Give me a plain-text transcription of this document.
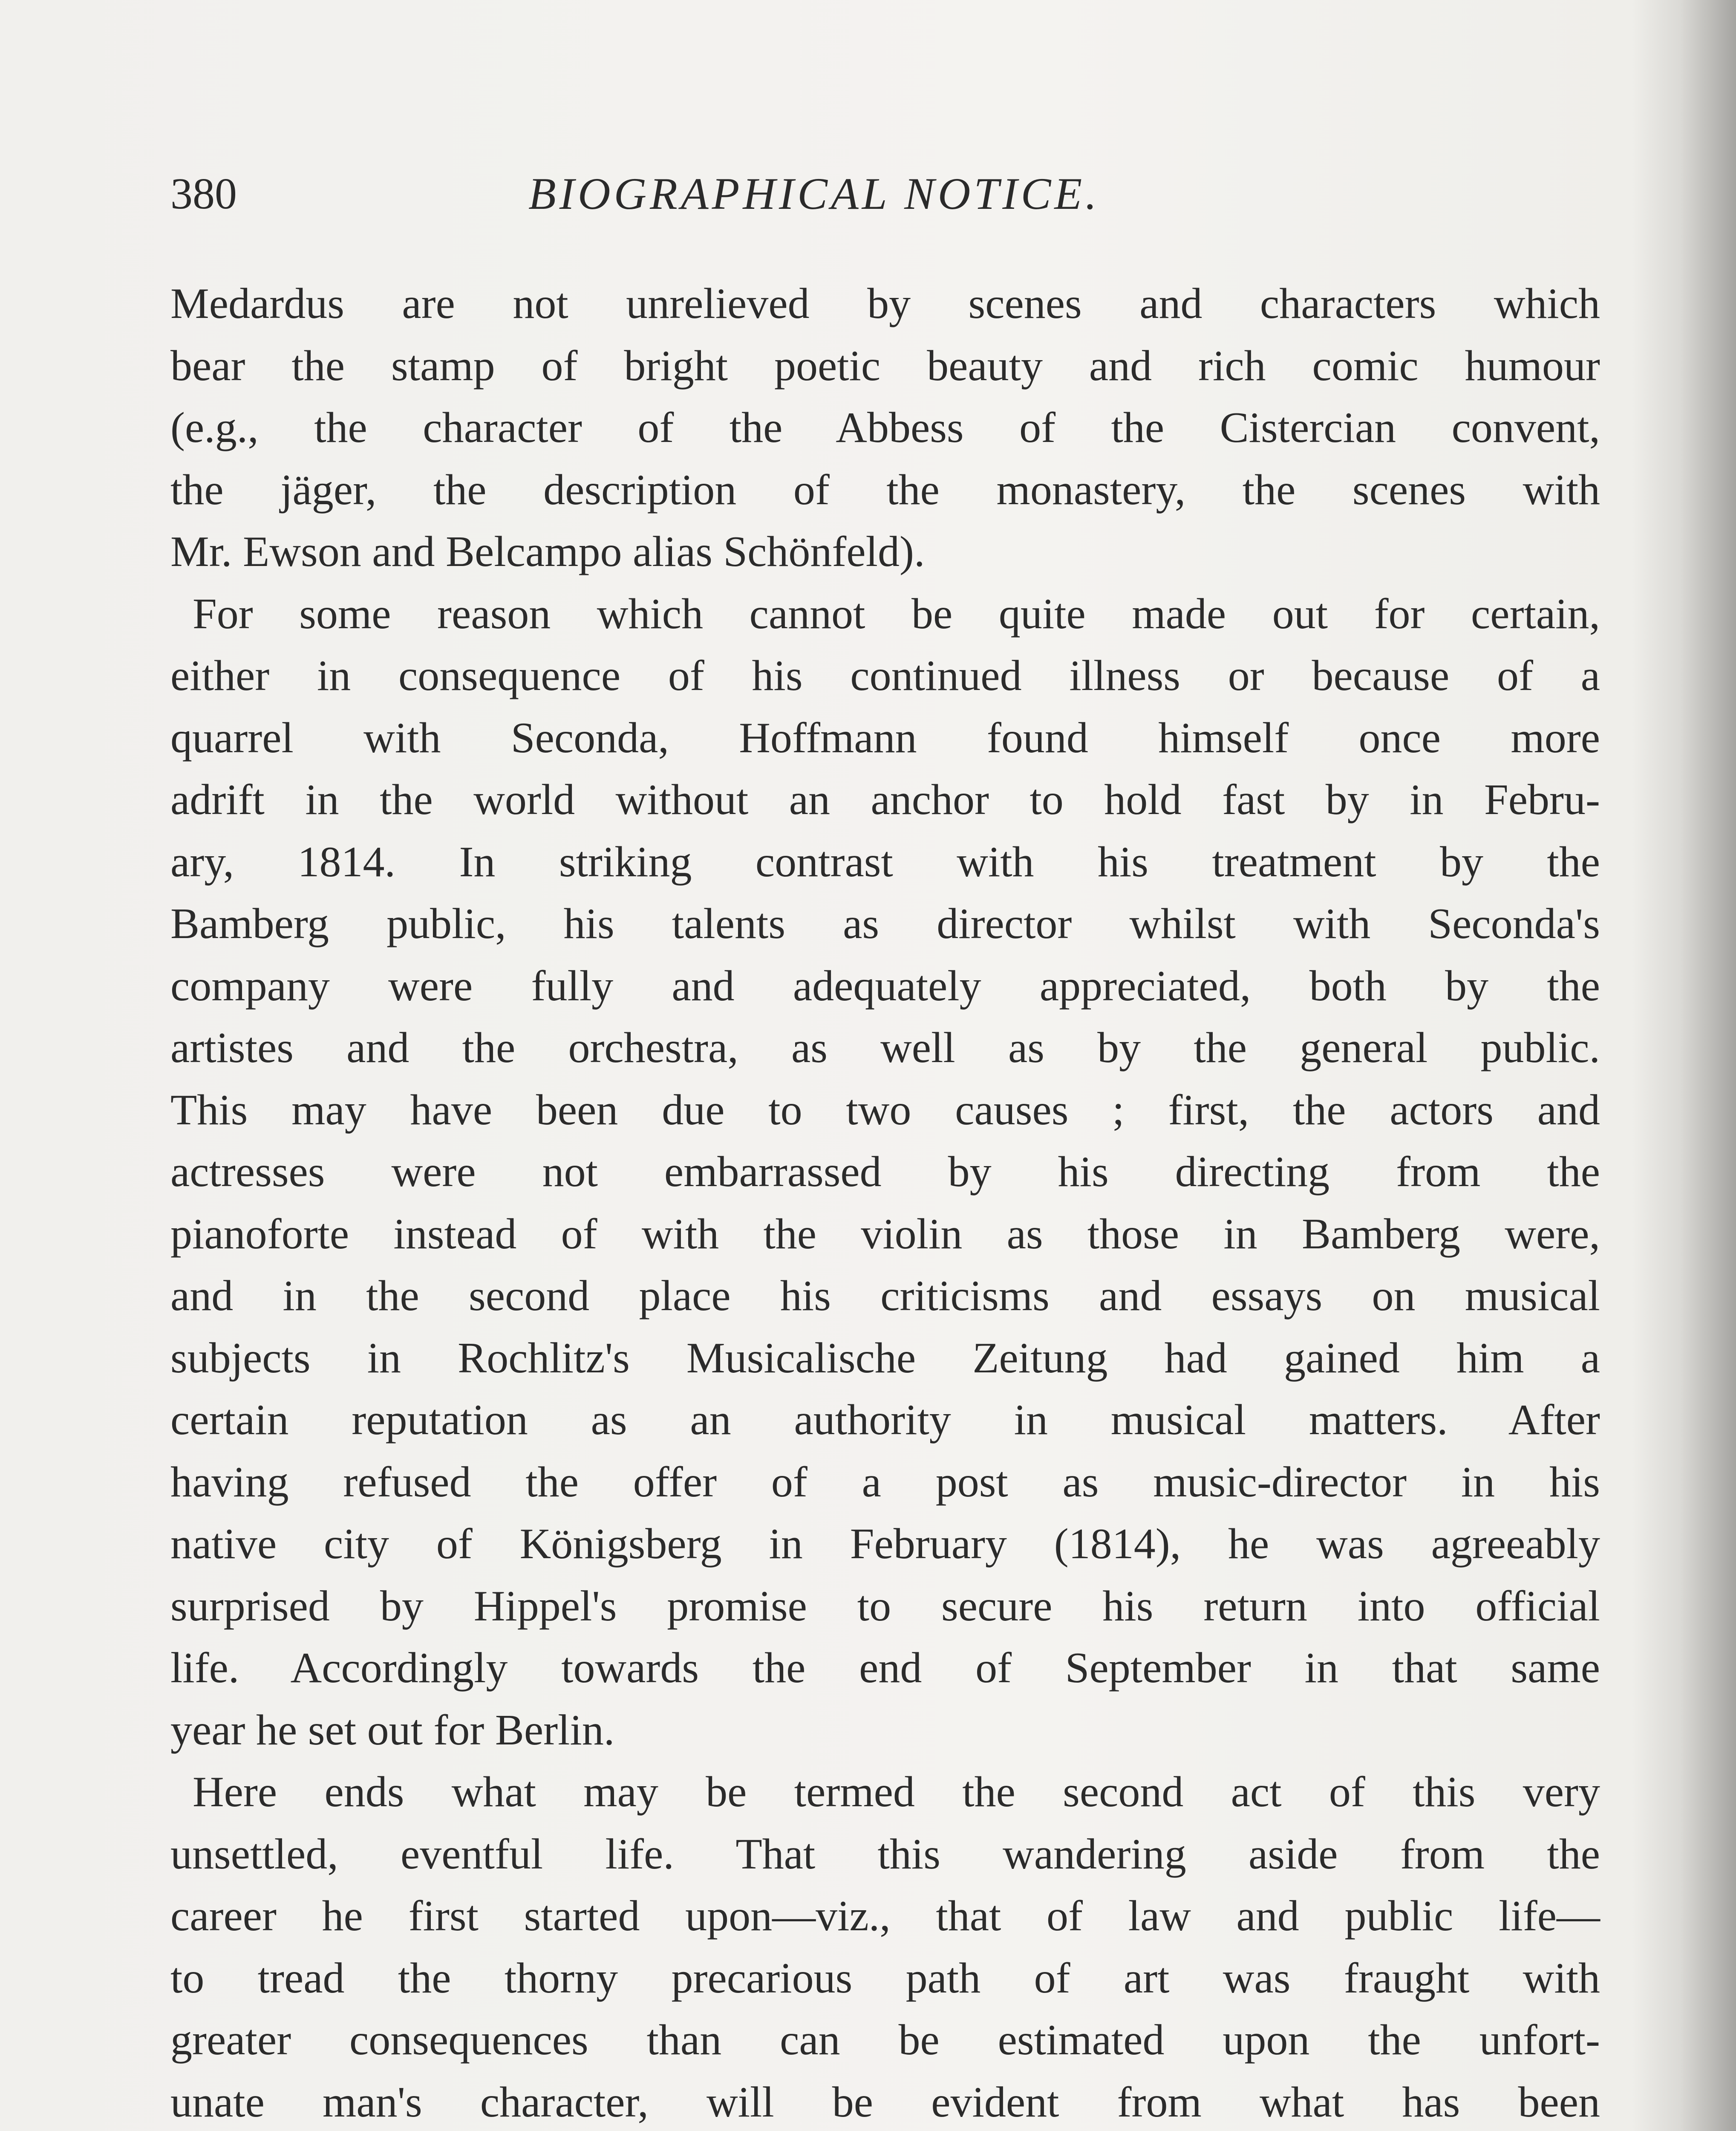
380	BIOGRAPHICAL NOTICE.
Medardus are not unrelieved by scenes and characters which
bear the stamp of bright poetic beauty and rich comic humour
(e.g., the character of the Abbess of the Cistercian convent,
the jäger, the description of the monastery, the scenes with
Mr. Ewson and Belcampo alias Schönfeld).
For some reason which cannot be quite made out for certain,
either in consequence of his continued illness or because of a
quarrel with Seconda, Hoffmann found himself once more
adrift in the world without an anchor to hold fast by in Febru-
ary, 1814. In striking contrast with his treatment by the
Bamberg public, his talents as director whilst with Seconda's
company were fully and adequately appreciated, both by the
artistes and the orchestra, as well as by the general public.
This may have been due to two causes ; first, the actors and
actresses were not embarrassed by his directing from the
pianoforte instead of with the violin as those in Bamberg were,
and in the second place his criticisms and essays on musical
subjects in Rochlitz's Musicalische Zeitung had gained him a
certain reputation as an authority in musical matters. After
having refused the offer of a post as music-director in his
native city of Königsberg in February (1814), he was agreeably
surprised by Hippel's promise to secure his return into official
life. Accordingly towards the end of September in that same
year he set out for Berlin.
Here ends what may be termed the second act of this very
unsettled, eventful life. That this wandering aside from the
career he first started upon—viz., that of law and public life—
to tread the thorny precarious path of art was fraught with
greater consequences than can be estimated upon the unfort-
unate man's character, will be evident from what has been
